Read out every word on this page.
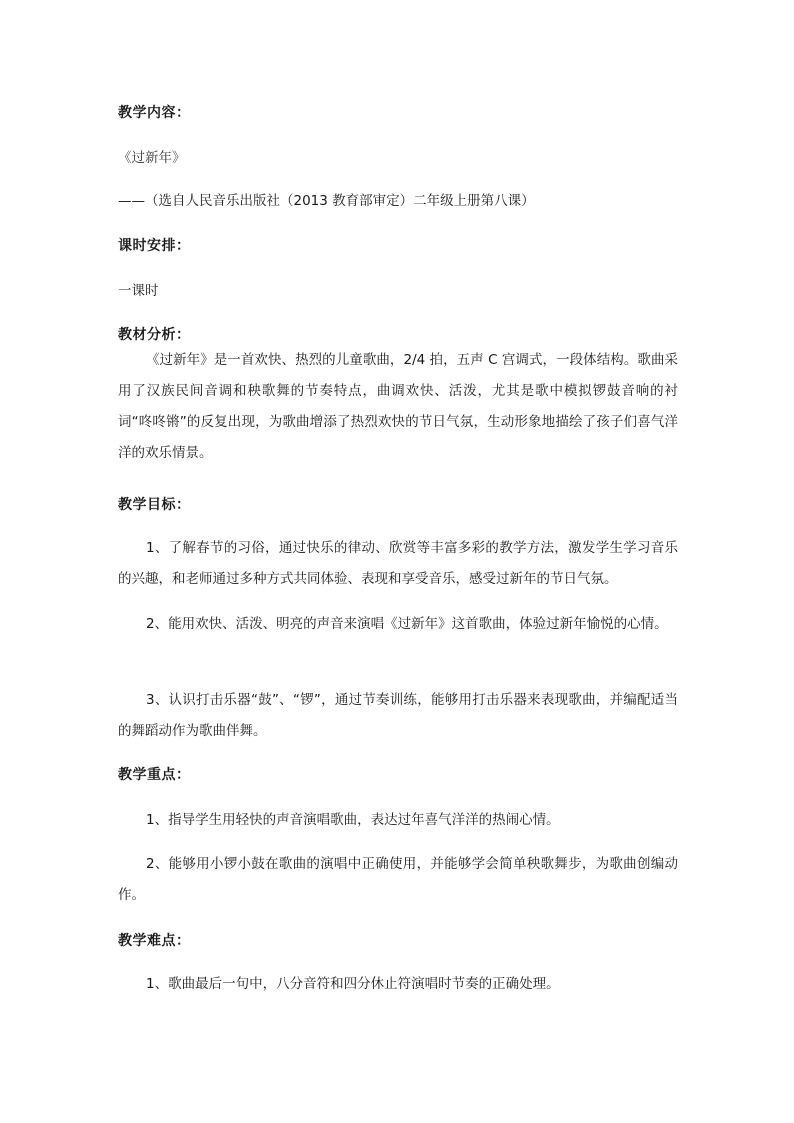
教学内容：
《过新年》
——（选自人民音乐出版社（2013 教育部审定）二年级上册第八课）
课时安排：
一课时
教材分析：
《过新年》是一首欢快、热烈的儿童歌曲，2/4 拍，五声 C 宫调式，一段体结构。歌曲采用了汉族民间音调和秧歌舞的节奏特点，曲调欢快、活泼，尤其是歌中模拟锣鼓音响的衬词“咚咚锵”的反复出现，为歌曲增添了热烈欢快的节日气氛，生动形象地描绘了孩子们喜气洋洋的欢乐情景。
教学目标：
1、了解春节的习俗，通过快乐的律动、欣赏等丰富多彩的教学方法，激发学生学习音乐的兴趣，和老师通过多种方式共同体验、表现和享受音乐，感受过新年的节日气氛。
2、能用欢快、活泼、明亮的声音来演唱《过新年》这首歌曲，体验过新年愉悦的心情。
3、认识打击乐器“鼓”、“锣”，通过节奏训练，能够用打击乐器来表现歌曲，并编配适当的舞蹈动作为歌曲伴舞。
教学重点：
1、指导学生用轻快的声音演唱歌曲，表达过年喜气洋洋的热闹心情。
2、能够用小锣小鼓在歌曲的演唱中正确使用，并能够学会简单秧歌舞步，为歌曲创编动作。
教学难点：
1、歌曲最后一句中，八分音符和四分休止符演唱时节奏的正确处理。
